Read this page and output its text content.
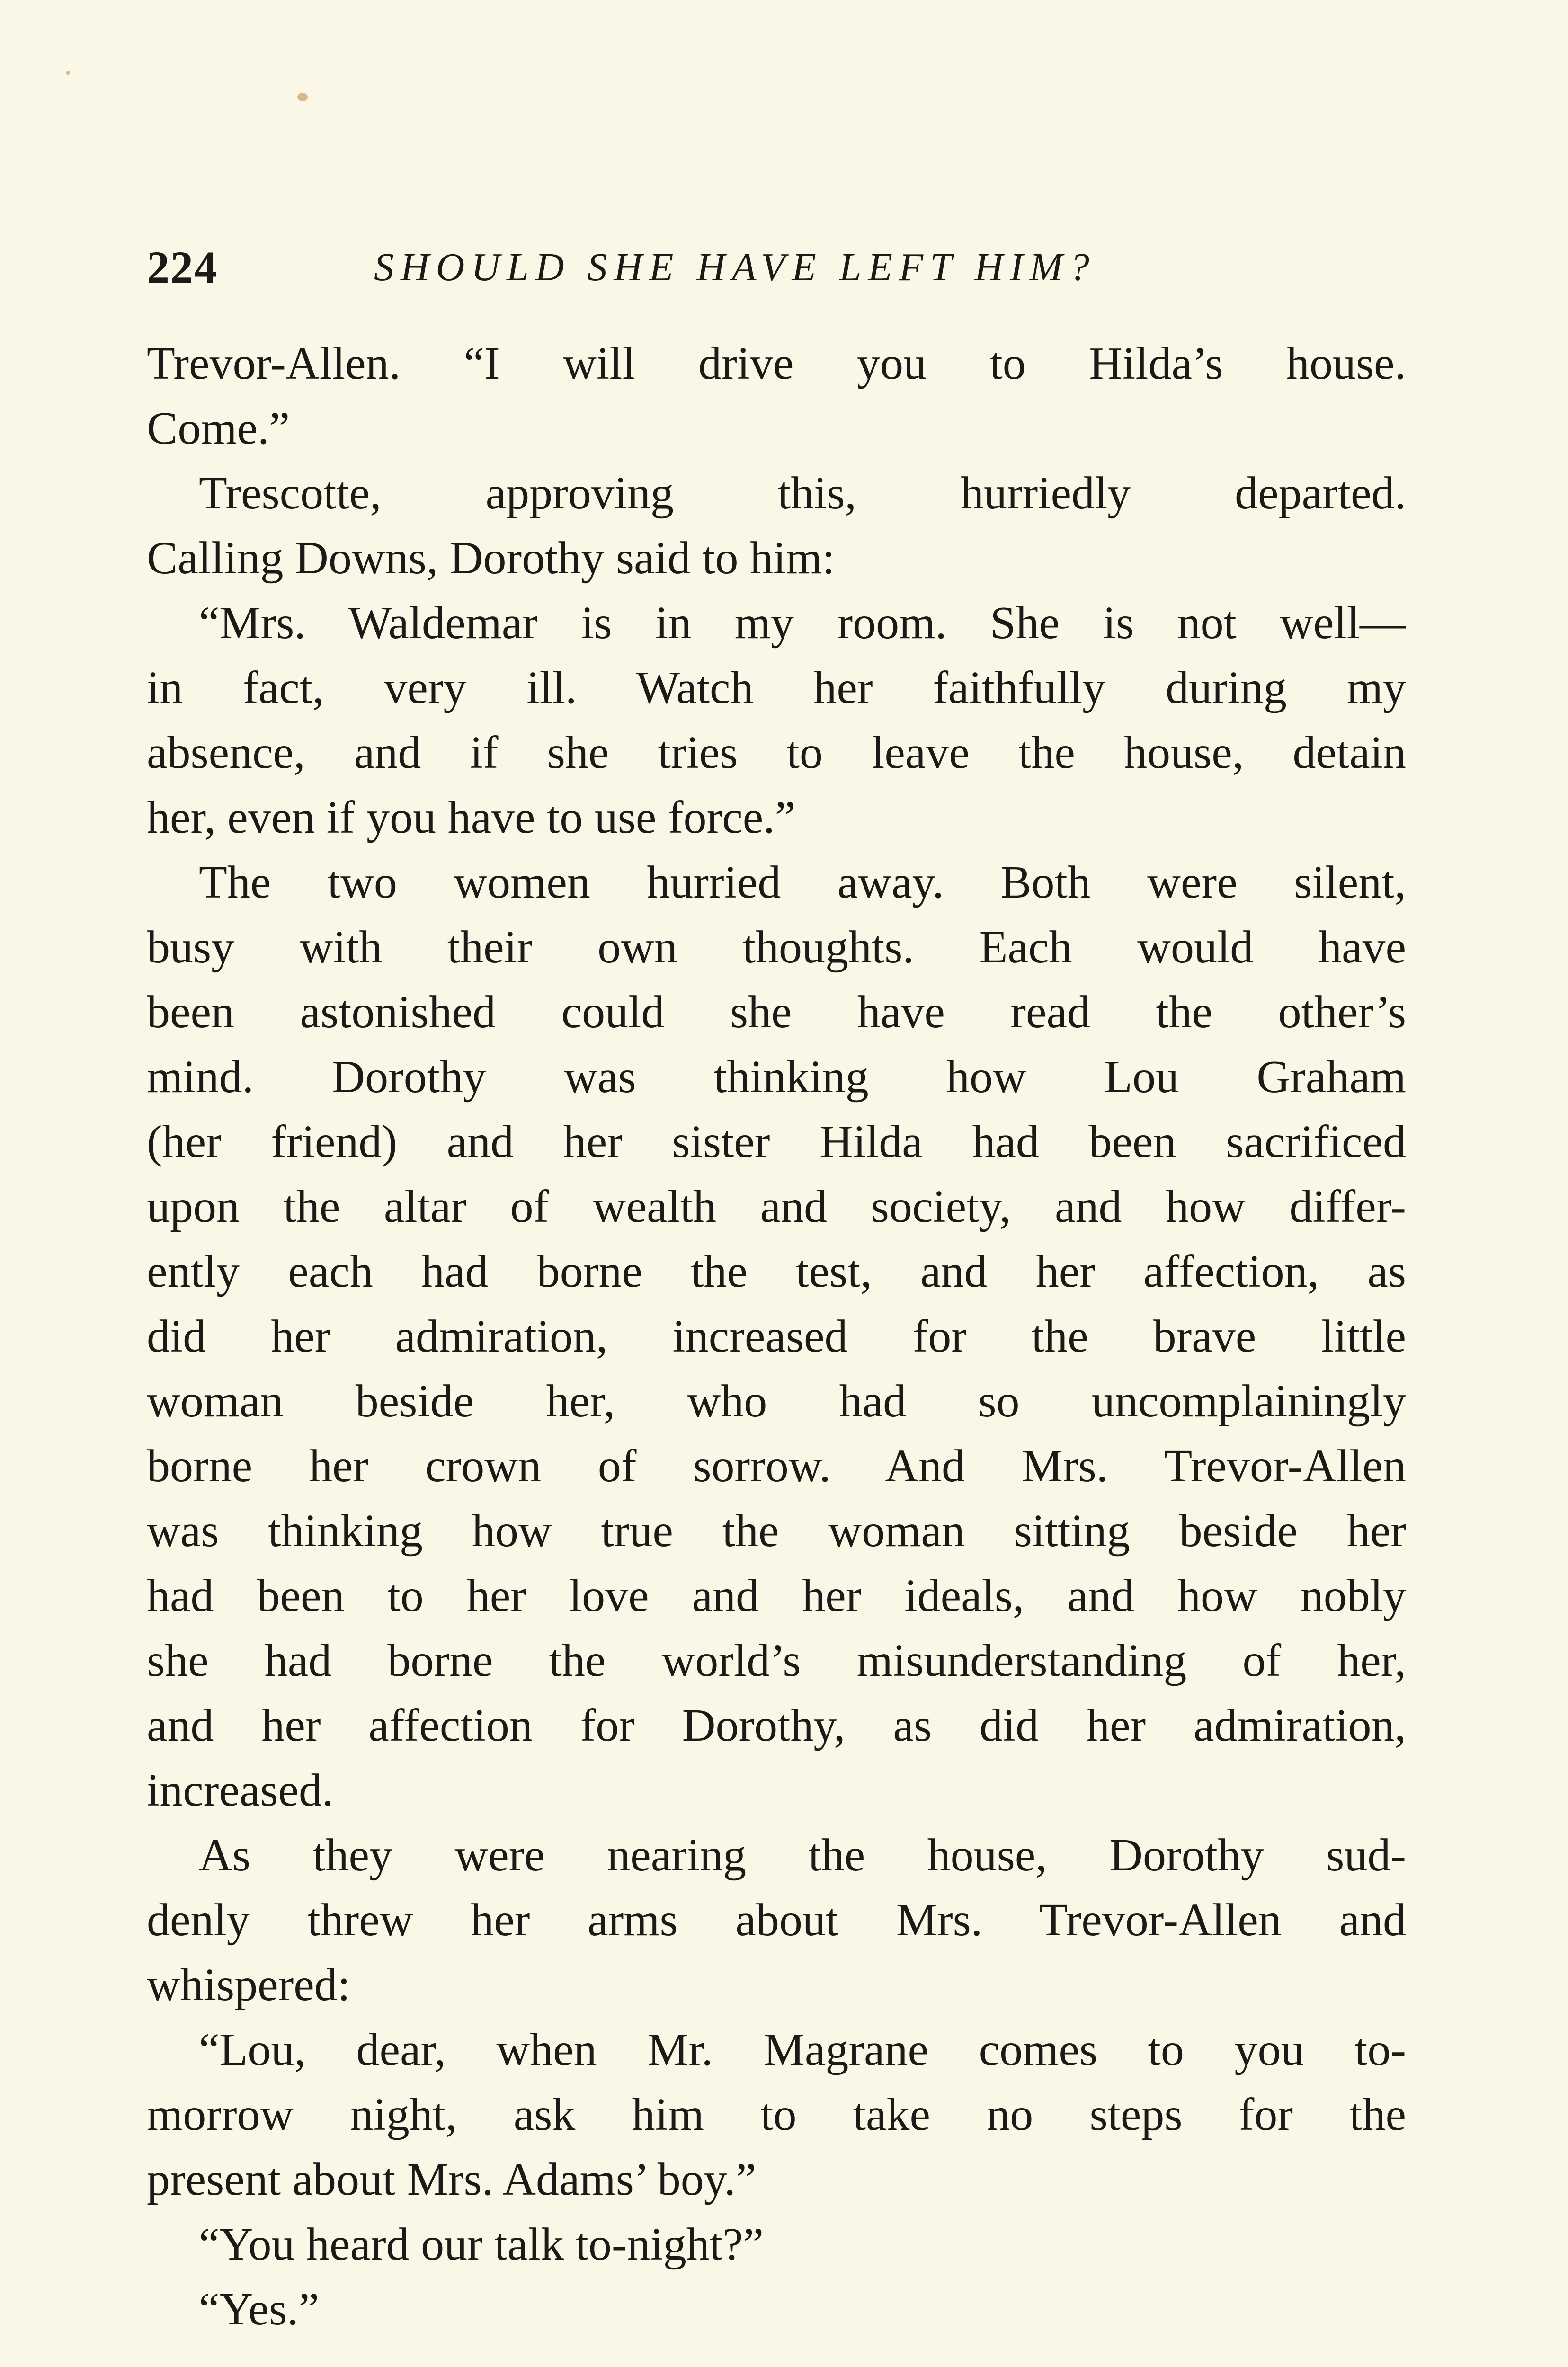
224	SHOULD SHE HAVE LEFT HIM?
Trevor-Allen. “I will drive you to Hilda’s house.
Come.”
Trescotte, approving this, hurriedly departed.
Calling Downs, Dorothy said to him:
“Mrs. Waldemar is in my room. She is not well—
in fact, very ill. Watch her faithfully during my
absence, and if she tries to leave the house, detain
her, even if you have to use force.”
The two women hurried away. Both were silent,
busy with their own thoughts. Each would have
been astonished could she have read the other’s
mind. Dorothy was thinking how Lou Graham
(her friend) and her sister Hilda had been sacrificed
upon the altar of wealth and society, and how differ-
ently each had borne the test, and her affection, as
did her admiration, increased for the brave little
woman beside her, who had so uncomplainingly
borne her crown of sorrow. And Mrs. Trevor-Allen
was thinking how true the woman sitting beside her
had been to her love and her ideals, and how nobly
she had borne the world’s misunderstanding of her,
and her affection for Dorothy, as did her admiration,
increased.
As they were nearing the house, Dorothy sud-
denly threw her arms about Mrs. Trevor-Allen and
whispered:
“Lou, dear, when Mr. Magrane comes to you to-
morrow night, ask him to take no steps for the
present about Mrs. Adams’ boy.”
“You heard our talk to-night?”
“Yes.”
